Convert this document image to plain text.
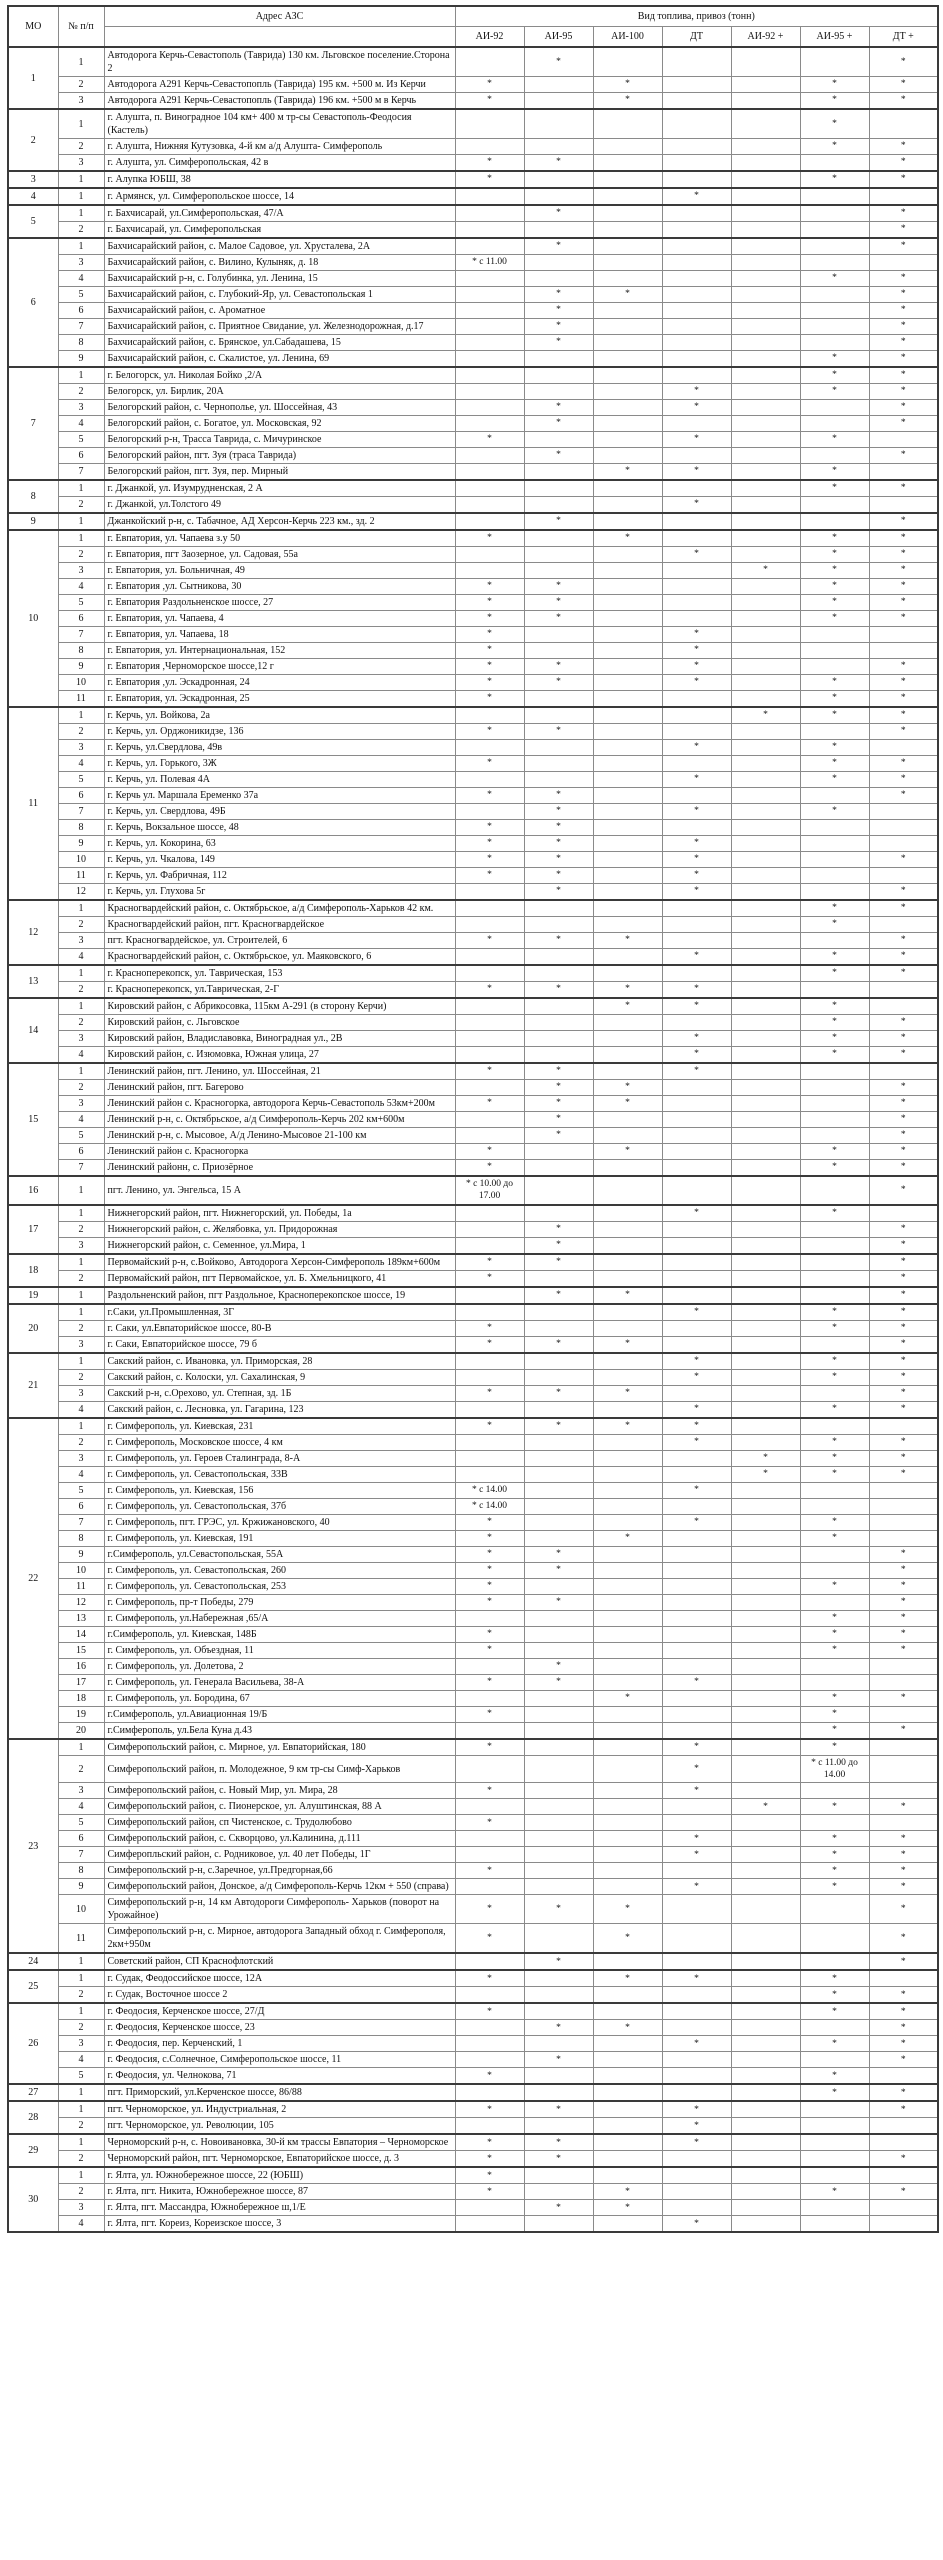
МО	№ п/п	Адрес АЗС	Вид топлива, привоз (тонн)						
			АИ-92	АИ-95	АИ-100	ДТ	АИ-92 +	АИ-95 +	ДТ +
1	1	Автодорога Керчь-Севастополь (Таврида) 130 км. Льговское поселение.Сторона 2		*					*
	2	Автодорога А291 Керчь-Севастопопль (Таврида) 195 км. +500 м. Из Керчи	*		*			*	*
	3	Автодорога А291 Керчь-Севастопопль (Таврида) 196 км. +500 м в Керчь	*		*			*	*
2	1	г. Алушта, п. Виноградное 104 км+ 400 м тр-сы Севастополь-Феодосия (Кастель)						*	
	2	г. Алушта, Нижняя Кутузовка, 4-й км а/д Алушта- Симферополь						*	*
	3	г. Алушта, ул. Симферопольская, 42 в	*	*					*
3	1	г. Алупка ЮБШ, 38	*					*	*
4	1	г. Армянск, ул. Симферопольское шоссе, 14				*			
5	1	г. Бахчисарай, ул.Симферопольская, 47/А		*					*
	2	г. Бахчисарай, ул. Симферопольская							*
6	1	Бахчисарайский район, с. Малое Садовое, ул. Хрусталева, 2А		*					*
	3	Бахчисарайский район, с. Вилино, Кулыняк, д. 18	* с 11.00						
	4	Бахчисарайский р-н, с. Голубинка, ул. Ленина, 15						*	*
	5	Бахчисарайский район, с. Глубокий-Яр, ул. Севастопольская 1		*	*				*
	6	Бахчисарайский район, с. Ароматное		*					*
	7	Бахчисарайский район, с. Приятное Свидание, ул. Железнодорожная, д.17		*					*
	8	Бахчисарайский район, с. Брянское, ул.Сабадашева, 15		*					*
	9	Бахчисарайский район, с. Скалистое, ул. Ленина, 69						*	*
7	1	г. Белогорск, ул. Николая Бойко ,2/А						*	*
	2	Белогорск, ул. Бирлик, 20А				*		*	*
	3	Белогорский район, с. Чернополье, ул. Шоссейная, 43		*		*			*
	4	Белогорский район, с. Богатое, ул. Московская, 92		*					*
	5	Белогорский р-н, Трасса Таврида, с. Мичуринское	*			*		*	
	6	Белогорский район, пгт. Зуя (траса Таврида)		*					*
	7	Белогорский район, пгт. Зуя, пер. Мирный			*	*		*	
8	1	г. Джанкой, ул. Изумрудненская, 2 А						*	*
	2	г. Джанкой, ул.Толстого 49				*			
9	1	Джанкойский р-н, с. Табачное, АД Херсон-Керчь 223 км., зд. 2		*					*
10	1	г. Евпатория, ул. Чапаева з.у 50	*		*			*	*
	2	г. Евпатория, пгт Заозерное, ул. Садовая, 55а				*		*	*
	3	г. Евпатория, ул. Больничная, 49					*	*	*
	4	г. Евпатория ,ул. Сытникова, 30	*	*				*	*
	5	г. Евпатория Раздольненское шоссе, 27	*	*				*	*
	6	г. Евпатория, ул. Чапаева, 4	*	*				*	*
	7	г. Евпатория, ул. Чапаева, 18	*			*			
	8	г. Евпатория, ул. Интернациональная, 152	*			*			
	9	г. Евпатория ,Черноморское шоссе,12 г	*	*		*			*
	10	г. Евпатория ,ул. Эскадронная, 24	*	*		*		*	*
	11	г. Евпатория, ул. Эскадронная, 25	*					*	*
11	1	г. Керчь, ул. Войкова, 2а					*	*	*
	2	г. Керчь, ул. Орджоникидзе, 136	*	*					*
	3	г. Керчь, ул.Свердлова, 49в				*		*	
	4	г. Керчь, ул. Горького, 3Ж	*					*	*
	5	г. Керчь, ул. Полевая 4А				*		*	*
	6	г. Керчь ул. Маршала Еременко 37а	*	*					*
	7	г. Керчь, ул. Свердлова, 49Б		*		*		*	
	8	г. Керчь, Вокзальное шоссе, 48	*	*					
	9	г. Керчь, ул. Кокорина, 63	*	*		*			
	10	г. Керчь, ул. Чкалова, 149	*	*		*			*
	11	г. Керчь, ул. Фабричная, 112	*	*		*			
	12	г. Керчь, ул. Глухова 5г		*		*			*
12	1	Красногвардейский район, с. Октябрьское, а/д Симферополь-Харьков 42 км.						*	*
	2	Красногвардейский район, пгт. Красногвардейское						*	
	3	пгт. Красногвардейское, ул. Строителей, 6	*	*	*				*
	4	Красногвардейский район, с. Октябрьское, ул. Маяковского, 6				*		*	*
13	1	г. Красноперекопск, ул. Таврическая, 153						*	*
	2	г. Красноперекопск, ул.Таврическая, 2-Г	*	*	*	*			
14	1	Кировский район, с Абрикосовка, 115км А-291 (в сторону Керчи)			*	*		*	
	2	Кировский район, с. Льговское						*	*
	3	Кировский район, Владиславовка, Виноградная ул., 2В				*		*	*
	4	Кировский район, с. Изюмовка, Южная улица, 27				*		*	*
15	1	Ленинский район, пгт. Ленино, ул. Шоссейная, 21	*	*		*			
	2	Ленинский район, пгт. Багерово		*	*				*
	3	Ленинский район с. Красногорка, автодорога Керчь-Севастополь 53км+200м	*	*	*				*
	4	Ленинский р-н, с. Октябрьское, а/д Симферополь-Керчь 202 км+600м		*					*
	5	Ленинский р-н, с. Мысовое, А/д Ленино-Мысовое 21-100 км		*					*
	6	Ленинский район с. Красногорка	*		*			*	*
	7	Ленинский районн, с. Приозёрное	*					*	*
16	1	пгт. Ленино, ул. Энгельса, 15 А	* с 10.00 до 17.00						*
17	1	Нижнегорский район, пгт. Нижнегорский, ул. Победы, 1а				*		*	
	2	Нижнегорский район, с. Желябовка, ул. Придорожная		*					*
	3	Нижнегорский район, с. Семенное, ул.Мира, 1		*					*
18	1	Первомайский р-н, с.Войково, Автодорога Херсон-Симферополь 189км+600м	*	*					*
	2	Первомайский район, пгт Первомайское, ул. Б. Хмельницкого, 41	*						*
19	1	Раздольненский район, пгт Раздольное, Красноперекопское шоссе, 19		*	*				*
20	1	г.Саки, ул.Промышленная, 3Г				*		*	*
	2	г. Саки, ул.Евпаторийское шоссе, 80-В	*					*	*
	3	г. Саки, Евпаторийское шоссе, 79 б	*	*	*				*
21	1	Сакский район, с. Ивановка, ул. Приморская, 28				*		*	*
	2	Сакский район, с. Колоски, ул. Сахалинская, 9				*		*	*
	3	Сакский р-н, с.Орехово, ул. Степная, зд. 1Б	*	*	*				*
	4	Сакский район, с. Лесновка, ул. Гагарина, 123				*		*	*
22	1	г. Симферополь, ул. Киевская, 231	*	*	*	*			
	2	г. Симферополь, Московское шоссе, 4 км				*		*	*
	3	г. Симферополь, ул. Героев Сталинграда, 8-А					*	*	*
	4	г. Симферополь, ул. Севастопольская, 33В					*	*	*
	5	г. Симферополь, ул. Киевская, 156	* с 14.00			*			
	6	г. Симферополь, ул. Севастопольская, 37б	* с 14.00						
	7	г. Симферополь, пгт. ГРЭС, ул. Кржижановского, 40	*			*		*	
	8	г. Симферополь, ул. Киевская, 191	*		*			*	
	9	г.Симферополь, ул.Севастопольская, 55А	*	*					*
	10	г. Симферополь, ул. Севастопольская, 260	*	*					*
	11	г. Симферополь, ул. Севастопольская, 253	*					*	*
	12	г. Симферополь, пр-т Победы, 279	*	*					*
	13	г. Симферополь, ул.Набережная ,65/А						*	*
	14	г.Симферополь, ул. Киевская, 148Б	*					*	*
	15	г. Симферополь, ул. Объездная, 11	*					*	*
	16	г. Симферополь, ул. Долетова, 2		*					
	17	г. Симферополь, ул. Генерала Васильева, 38-А	*	*		*			
	18	г. Симферополь, ул. Бородина, 67			*			*	*
	19	г.Симферополь, ул.Авиационная 19/Б	*					*	
	20	г.Симферополь, ул.Бела Куна д.43						*	*
23	1	Симферопольский район, с. Мирное, ул. Евпаторийская, 180	*			*		*	
	2	Симферопольский район, п. Молодежное, 9 км тр-сы Симф-Харьков				*		* с 11.00 до 14.00	
	3	Симферопольский район, с. Новый Мир, ул. Мира, 28	*			*			
	4	Симферопольский район, с. Пионерское, ул. Алуштинская, 88 А					*	*	*
	5	Симферопольский район, сп Чистенское, с. Трудолюбово	*						
	6	Симферопольский район, с. Скворцово, ул.Калинина, д.111				*		*	*
	7	Симферопльский район, с. Родниковое, ул. 40 лет Победы, 1Г				*		*	*
	8	Симферопольский р-н, с.Заречное, ул.Предгорная,66	*					*	*
	9	Симферопольский район, Донское, а/д Симферополь-Керчь 12км + 550 (справа)				*		*	*
	10	Симферопольский р-н, 14 км Автодороги Симферополь- Харьков (поворот на Урожайное)	*	*	*				*
	11	Симферопольский р-н, с. Мирное, автодорога Западный обход г. Симферополя, 2км+950м	*		*				*
24	1	Советский район, СП Краснофлотский		*					*
25	1	г. Судак, Феодоссийское шоссе, 12А	*		*	*		*	
	2	г. Судак, Восточное шоссе 2						*	*
26	1	г. Феодосия, Керченское шоссе, 27/Д	*					*	*
	2	г. Феодосия, Керченское шоссе, 23		*	*				*
	3	г. Феодосия, пер. Керченский, 1				*		*	*
	4	г. Феодосия, с.Солнечное, Симферопольское шоссе, 11		*					*
	5	г. Феодосия, ул. Челнокова, 71	*					*	
27	1	пгт. Приморский, ул.Керченское шоссе, 86/88						*	*
28	1	пгт. Черноморское, ул. Индустриальная, 2	*	*		*			*
	2	пгт. Черноморское, ул. Революции, 105				*			
29	1	Черноморский р-н, с. Новоивановка, 30-й км трассы Евпатория – Черноморское	*	*		*			
	2	Черноморский район, пгт. Черноморское, Евпаторийское шоссе, д. 3	*	*					*
30	1	г. Ялта, ул. Южнобережное шоссе, 22 (ЮБШ)	*						
	2	г. Ялта, пгт. Никита, Южнобережное шоссе, 87	*		*			*	*
	3	г. Ялта, пгт. Массандра, Южнобережное ш,1/Е		*	*				
	4	г. Ялта, пгт. Кореиз, Кореизское шоссе, 3				*			
